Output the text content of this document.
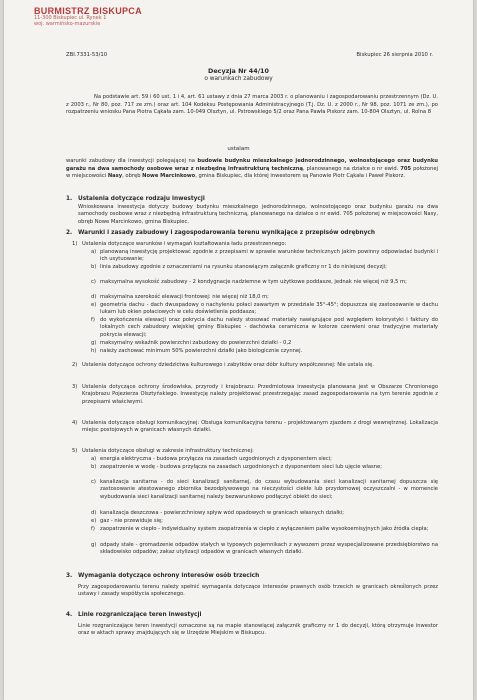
BURMISTRZ BISKUPCA
11-300 Biskupiec ul. Rynek 1
woj. warmińsko-mazurskie
ZBI.7331-53/10	Biskupiec 26 sierpnia 2010 r.
Decyzja Nr 44/10
o warunkach zabudowy
Na podstawie art. 59 i 60 ust. 1 i 4, art. 61 ustawy z dnia 27 marca 2003 r. o planowaniu i zagospodarowaniu przestrzennym (Dz. U. z 2003 r., Nr 80, poz. 717 ze zm.) oraz art. 104 Kodeksu Postępowania Administracyjnego (T.j. Dz. U. z 2000 r., Nr 98, poz. 1071 ze zm.), po rozpatrzeniu wniosku Pana Piotra Cąkała zam. 10-049 Olsztyn, ul. Pstrowskiego 5/2 oraz Pana Pawła Piskorz zam. 10-804 Olsztyn, ul. Rolna 8
ustalam
warunki zabudowy dla inwestycji polegającej na budowie budynku mieszkalnego jednorodzinnego, wolnostojącego oraz budynku garażu na dwa samochody osobowe wraz z niezbędną infrastrukturą techniczną, planowanego na działce o nr ewid. 705 położonej w miejscowości Nasy, obręb Nowe Marcinkowo, gmina Biskupiec, dla której inwestorem są Panowie Piotr Cąkała i Paweł Piskorz.
1. Ustalenia dotyczące rodzaju inwestycji
Wnioskowana inwestycja dotyczy budowy budynku mieszkalnego jednorodzinnego, wolnostojącego oraz budynku garażu na dwa samochody osobowe wraz z niezbędną infrastrukturą techniczną, planowanego na działce o nr ewid. 705 położonej w miejscowości Nasy, obręb Nowe Marcinkowo, gmina Biskupiec.
2. Warunki i zasady zabudowy i zagospodarowania terenu wynikające z przepisów odrębnych
1) Ustalenia dotyczące warunków i wymagań kształtowania ładu przestrzennego:
a) planowaną inwestycję projektować zgodnie z przepisami w sprawie warunków technicznych jakim powinny odpowiadać budynki i ich usytuowanie;
b) linia zabudowy zgodnie z oznaczeniami na rysunku stanowiącym załącznik graficzny nr 1 do niniejszej decyzji;
c) maksymalna wysokość zabudowy - 2 kondygnacje nadziemne w tym użytkowe poddasze, jednak nie więcej niż 9,5 m;
d) maksymalna szerokość elewacji frontowej: nie więcej niż 18,0 m;
e) geometria dachu - dach dwuspadowy o nachyleniu połaci zawartym w przedziale 35°-45°; dopuszcza się zastosowanie w dachu lukarn lub okien połaciowych w celu doświetlenia poddasza;
f) do wykończenia elewacji oraz pokrycia dachu należy stosować materiały nawiązujące pod względem kolorystyki i faktury do lokalnych cech zabudowy wiejskiej gminy Biskupiec - dachówka ceramiczna w kolorze czerwieni oraz tradycyjne materiały pokrycia elewacji;
g) maksymalny wskaźnik powierzchni zabudowy do powierzchni działki - 0,2
h) należy zachować minimum 50% powierzchni działki jako biologicznie czynnej.
2) Ustalenia dotyczące ochrony dziedzictwa kulturowego i zabytków oraz dóbr kultury współczesnej: Nie ustala się.
3) Ustalenia dotyczące ochrony środowiska, przyrody i krajobrazu: Przedmiotowa inwestycja planowana jest w Obszarze Chronionego Krajobrazu Pojezierza Olsztyńskiego. Inwestycję należy projektować przestrzegając zasad zagospodarowania na tym terenie zgodnie z przepisami właściwymi.
4) Ustalenia dotyczące obsługi komunikacyjnej: Obsługa komunikacyjna terenu - projektowanym zjazdem z drogi wewnętrznej. Lokalizacja miejsc postojowych w granicach własnych działki.
5) Ustalenia dotyczące obsługi w zakresie infrastruktury technicznej:
a) energia elektryczna - budowa przyłącza na zasadach uzgodnionych z dysponentem sieci;
b) zaopatrzenie w wodę - budowa przyłącza na zasadach uzgodnionych z dysponentem sieci lub ujęcie własne;
c) kanalizacja sanitarna - do sieci kanalizacji sanitarnej, do czasu wybudowania sieci kanalizacji sanitarnej dopuszcza się zastosowanie atestowanego zbiornika bezodpływowego na nieczystości ciekłe lub przydomowej oczyszczalni - w momencie wybudowania sieci kanalizacji sanitarnej należy bezwarunkowo podłączyć obiekt do sieci;
d) kanalizacja deszczowa - powierzchniowy spływ wód opadowych w granicach własnych działki;
e) gaz - nie przewiduje się;
f) zaopatrzenie w ciepło - indywidualny system zaopatrzenia w ciepło z wyłączeniem paliw wysokoemisyjnych jako źródła ciepła;
g) odpady stałe - gromadzenie odpadów stałych w typowych pojemnikach z wywozem przez wyspecjalizowane przedsiębiorstwo na składowisko odpadów; zakaz utylizacji odpadów w granicach własnych działki.
3. Wymagania dotyczące ochrony interesów osób trzecich
Przy zagospodarowaniu terenu należy spełnić wymagania dotyczące interesów prawnych osób trzecich w granicach określonych przez ustawy i zasady współżycia społecznego.
4. Linie rozgraniczające teren inwestycji
Linie rozgraniczające teren inwestycji oznaczone są na mapie stanowiącej załącznik graficzny nr 1 do decyzji, którą otrzymuje inwestor oraz w aktach sprawy znajdujących się w Urzędzie Miejskim w Biskupcu.
